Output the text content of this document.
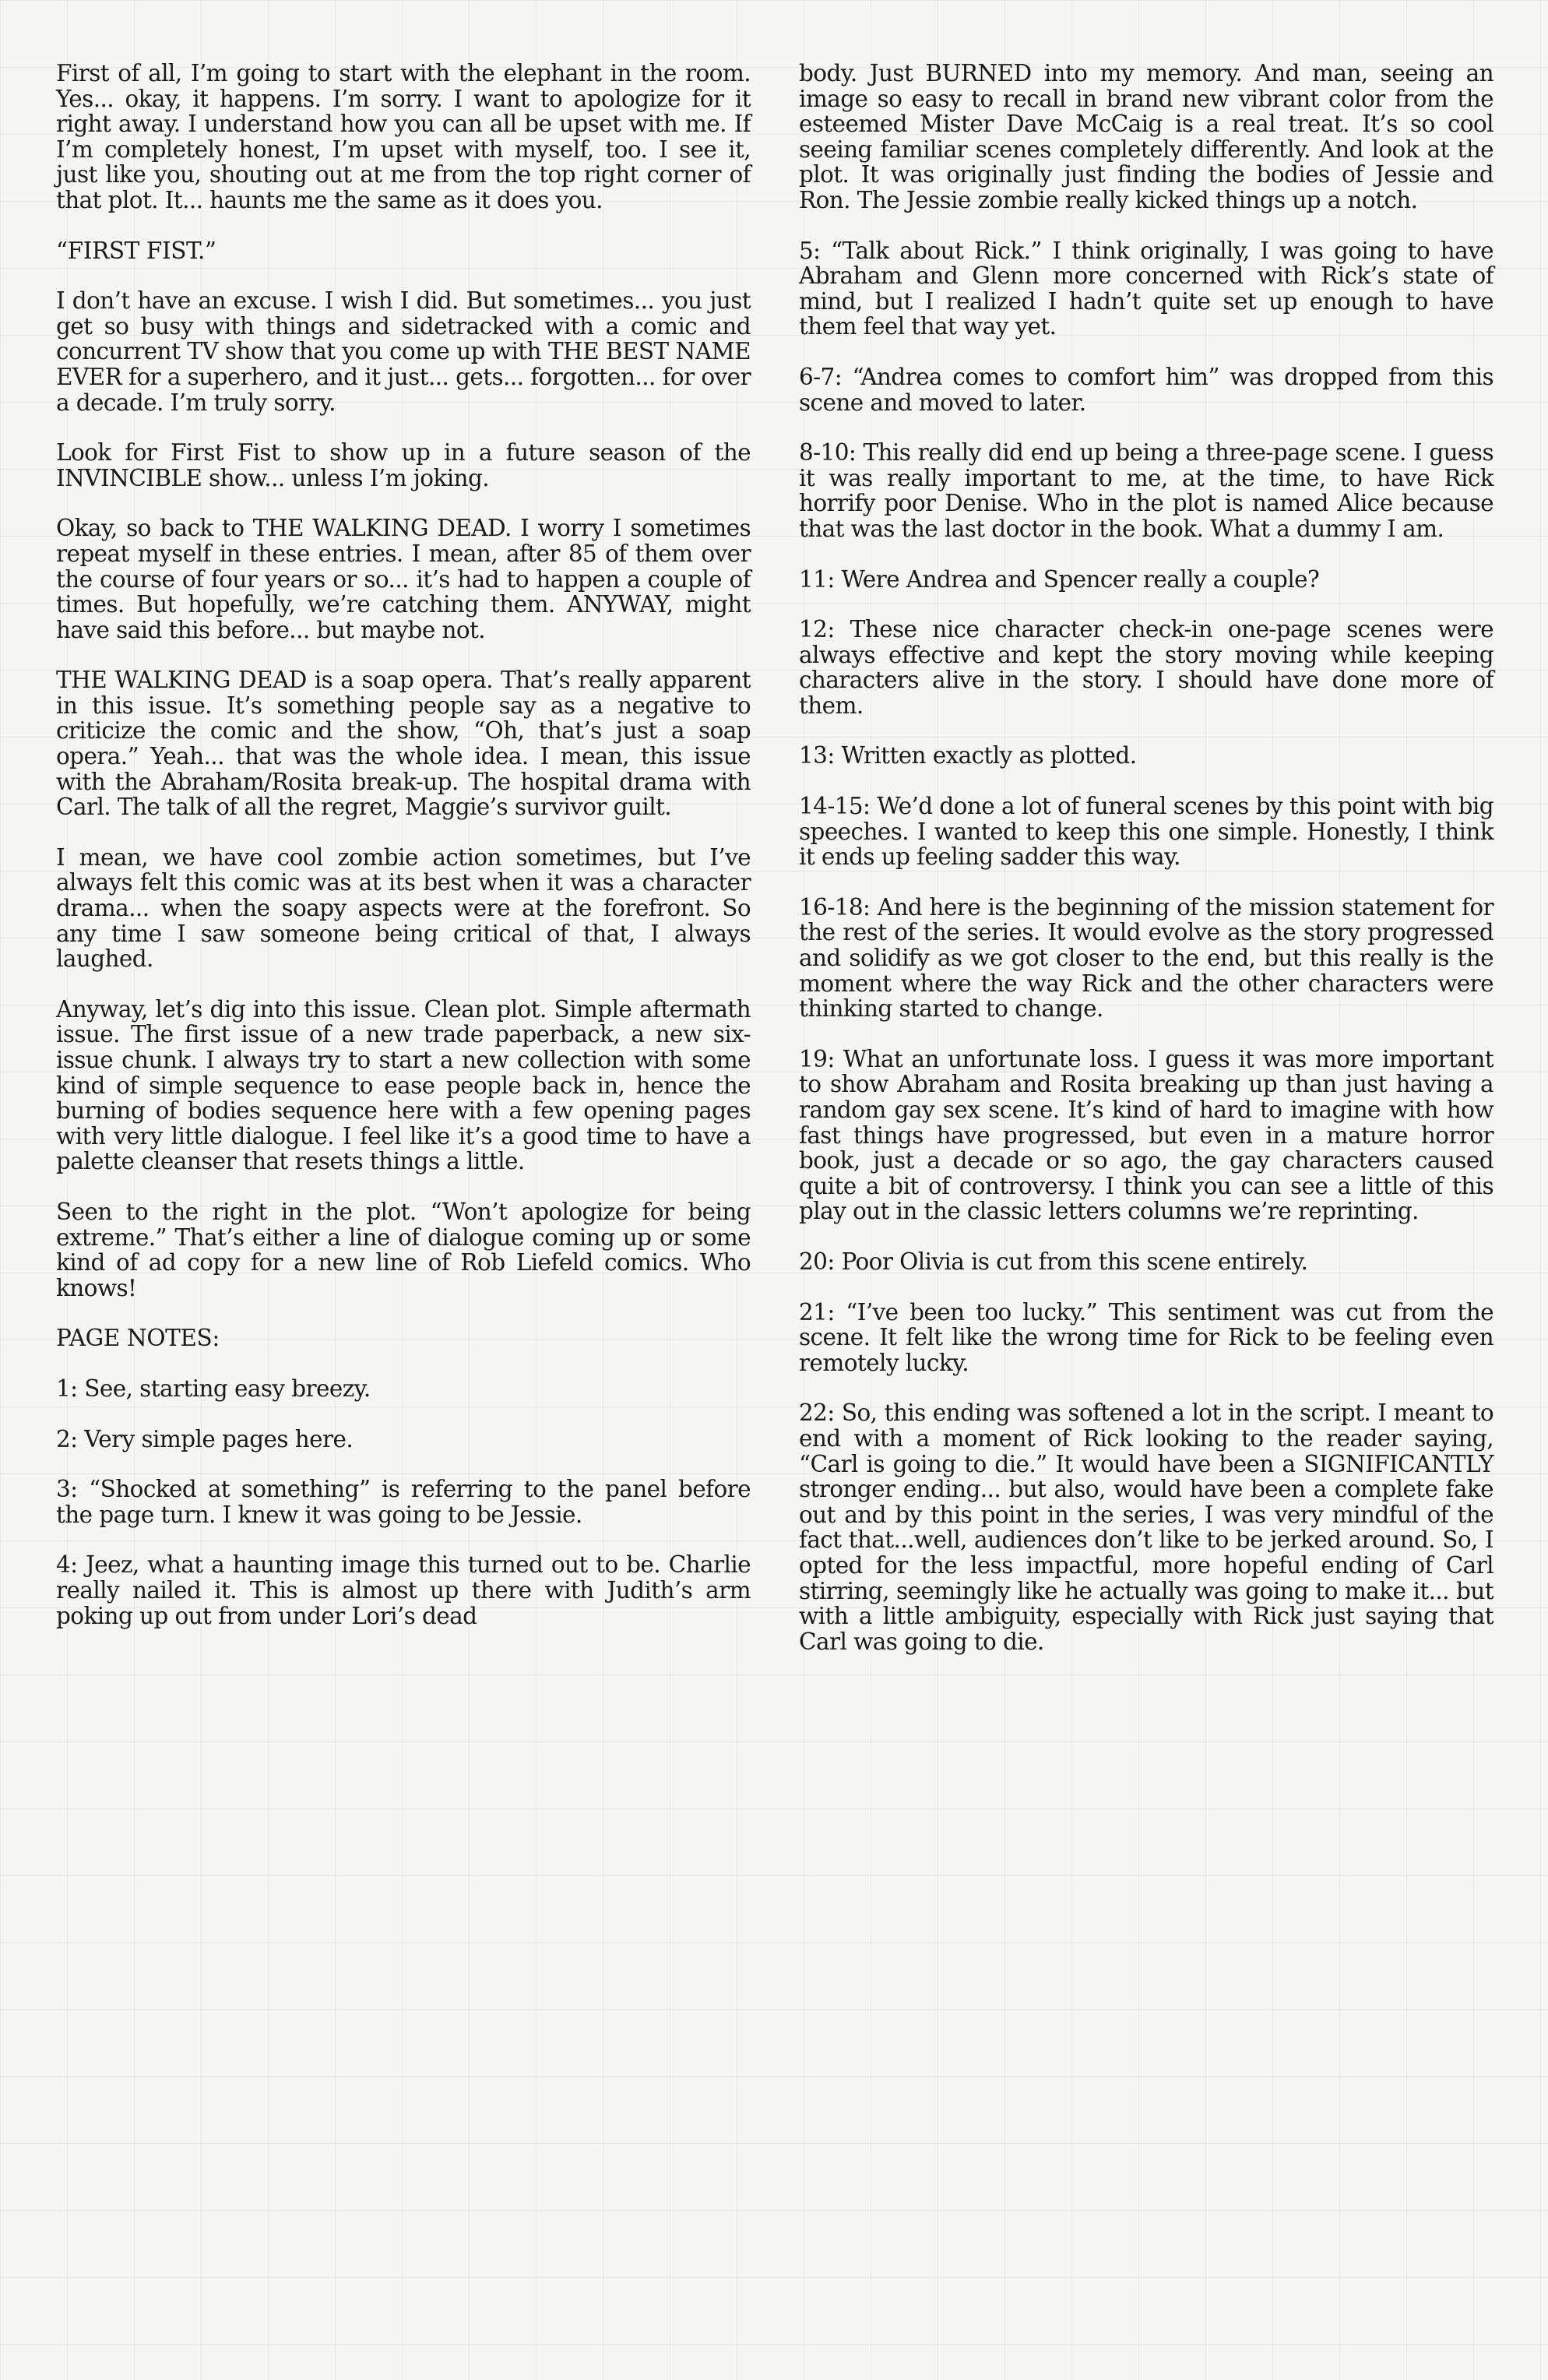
First of all, I’m going to start with the elephant in the room. Yes... okay, it happens. I’m sorry. I want to apologize for it right away. I understand how you can all be upset with me. If I’m completely honest, I’m upset with myself, too. I see it, just like you, shouting out at me from the top right corner of that plot. It... haunts me the same as it does you.

“FIRST FIST.”

I don’t have an excuse. I wish I did. But sometimes... you just get so busy with things and sidetracked with a comic and concurrent TV show that you come up with THE BEST NAME EVER for a superhero, and it just... gets... forgotten... for over a decade. I’m truly sorry.

Look for First Fist to show up in a future season of the INVINCIBLE show... unless I’m joking.

Okay, so back to THE WALKING DEAD. I worry I sometimes repeat myself in these entries. I mean, after 85 of them over the course of four years or so... it’s had to happen a couple of times. But hopefully, we’re catching them. ANYWAY, might have said this before... but maybe not.

THE WALKING DEAD is a soap opera. That’s really apparent in this issue. It’s something people say as a negative to criticize the comic and the show, “Oh, that’s just a soap opera.” Yeah... that was the whole idea. I mean, this issue with the Abraham/Rosita break-up. The hospital drama with Carl. The talk of all the regret, Maggie’s survivor guilt.

I mean, we have cool zombie action sometimes, but I’ve always felt this comic was at its best when it was a character drama... when the soapy aspects were at the forefront. So any time I saw someone being critical of that, I always laughed.

Anyway, let’s dig into this issue. Clean plot. Simple aftermath issue. The first issue of a new trade paperback, a new six-issue chunk. I always try to start a new collection with some kind of simple sequence to ease people back in, hence the burning of bodies sequence here with a few opening pages with very little dialogue. I feel like it’s a good time to have a palette cleanser that resets things a little.

Seen to the right in the plot. “Won’t apologize for being extreme.” That’s either a line of dialogue coming up or some kind of ad copy for a new line of Rob Liefeld comics. Who knows!

PAGE NOTES:

1: See, starting easy breezy.

2: Very simple pages here.

3: “Shocked at something” is referring to the panel before the page turn. I knew it was going to be Jessie.

4: Jeez, what a haunting image this turned out to be. Charlie really nailed it. This is almost up there with Judith’s arm poking up out from under Lori’s dead

body. Just BURNED into my memory. And man, seeing an image so easy to recall in brand new vibrant color from the esteemed Mister Dave McCaig is a real treat. It’s so cool seeing familiar scenes completely differently. And look at the plot. It was originally just finding the bodies of Jessie and Ron. The Jessie zombie really kicked things up a notch.

5: “Talk about Rick.” I think originally, I was going to have Abraham and Glenn more concerned with Rick’s state of mind, but I realized I hadn’t quite set up enough to have them feel that way yet.

6-7: “Andrea comes to comfort him” was dropped from this scene and moved to later.

8-10: This really did end up being a three-page scene. I guess it was really important to me, at the time, to have Rick horrify poor Denise. Who in the plot is named Alice because that was the last doctor in the book. What a dummy I am.

11: Were Andrea and Spencer really a couple?

12: These nice character check-in one-page scenes were always effective and kept the story moving while keeping characters alive in the story. I should have done more of them.

13: Written exactly as plotted.

14-15: We’d done a lot of funeral scenes by this point with big speeches. I wanted to keep this one simple. Honestly, I think it ends up feeling sadder this way.

16-18: And here is the beginning of the mission statement for the rest of the series. It would evolve as the story progressed and solidify as we got closer to the end, but this really is the moment where the way Rick and the other characters were thinking started to change.

19: What an unfortunate loss. I guess it was more important to show Abraham and Rosita breaking up than just having a random gay sex scene. It’s kind of hard to imagine with how fast things have progressed, but even in a mature horror book, just a decade or so ago, the gay characters caused quite a bit of controversy. I think you can see a little of this play out in the classic letters columns we’re reprinting.

20: Poor Olivia is cut from this scene entirely.

21: “I’ve been too lucky.” This sentiment was cut from the scene. It felt like the wrong time for Rick to be feeling even remotely lucky.

22: So, this ending was softened a lot in the script. I meant to end with a moment of Rick looking to the reader saying, “Carl is going to die.” It would have been a SIGNIFICANTLY stronger ending... but also, would have been a complete fake out and by this point in the series, I was very mindful of the fact that...well, audiences don’t like to be jerked around. So, I opted for the less impactful, more hopeful ending of Carl stirring, seemingly like he actually was going to make it... but with a little ambiguity, especially with Rick just saying that Carl was going to die.
